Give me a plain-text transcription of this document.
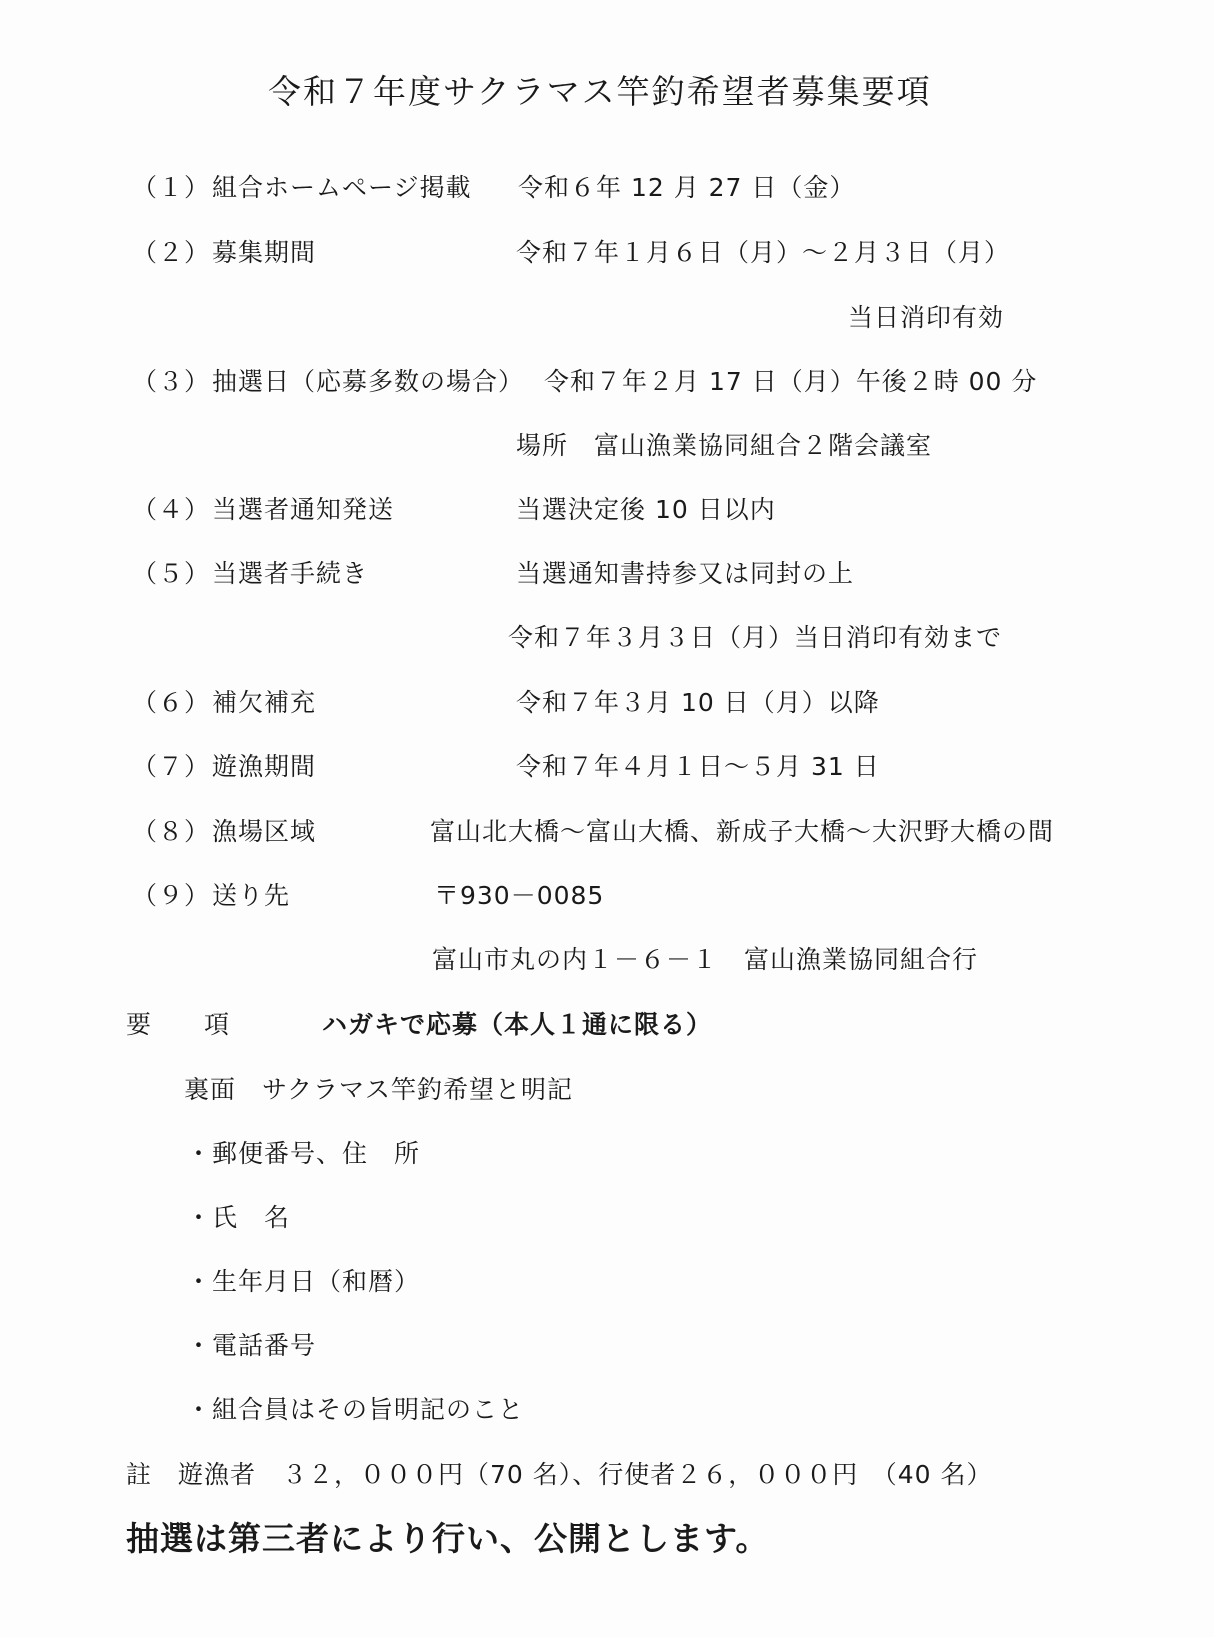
令和７年度サクラマス竿釣希望者募集要項
（１） 組合ホームページ掲載 令和６年 12 月 27 日（金）
（２） 募集期間	令和７年１月６日（月）～２月３日（月）
当日消印有効
（３） 抽選日（応募多数の場合） 令和７年２月 17 日（月）午後２時 00 分
場所　富山漁業協同組合２階会議室
（４） 当選者通知発送	当選決定後 10 日以内
（５） 当選者手続き	当選通知書持参又は同封の上
令和７年３月３日（月）当日消印有効まで
（６） 補欠補充	令和７年３月 10 日（月）以降
（７） 遊漁期間	令和７年４月１日～５月 31 日
（８） 漁場区域	富山北大橋～富山大橋、新成子大橋～大沢野大橋の間
（９） 送り先	〒930－0085
富山市丸の内１－６－１　富山漁業協同組合行
要　　項	ハガキで応募（本人１通に限る）
裏面　サクラマス竿釣希望と明記
・郵便番号、住　所
・氏　名
・生年月日（和暦）
・電話番号
・組合員はその旨明記のこと
註　遊漁者　３２，０００円（70 名）、行使者２６，０００円　（40 名）
抽選は第三者により行い、公開とします。
